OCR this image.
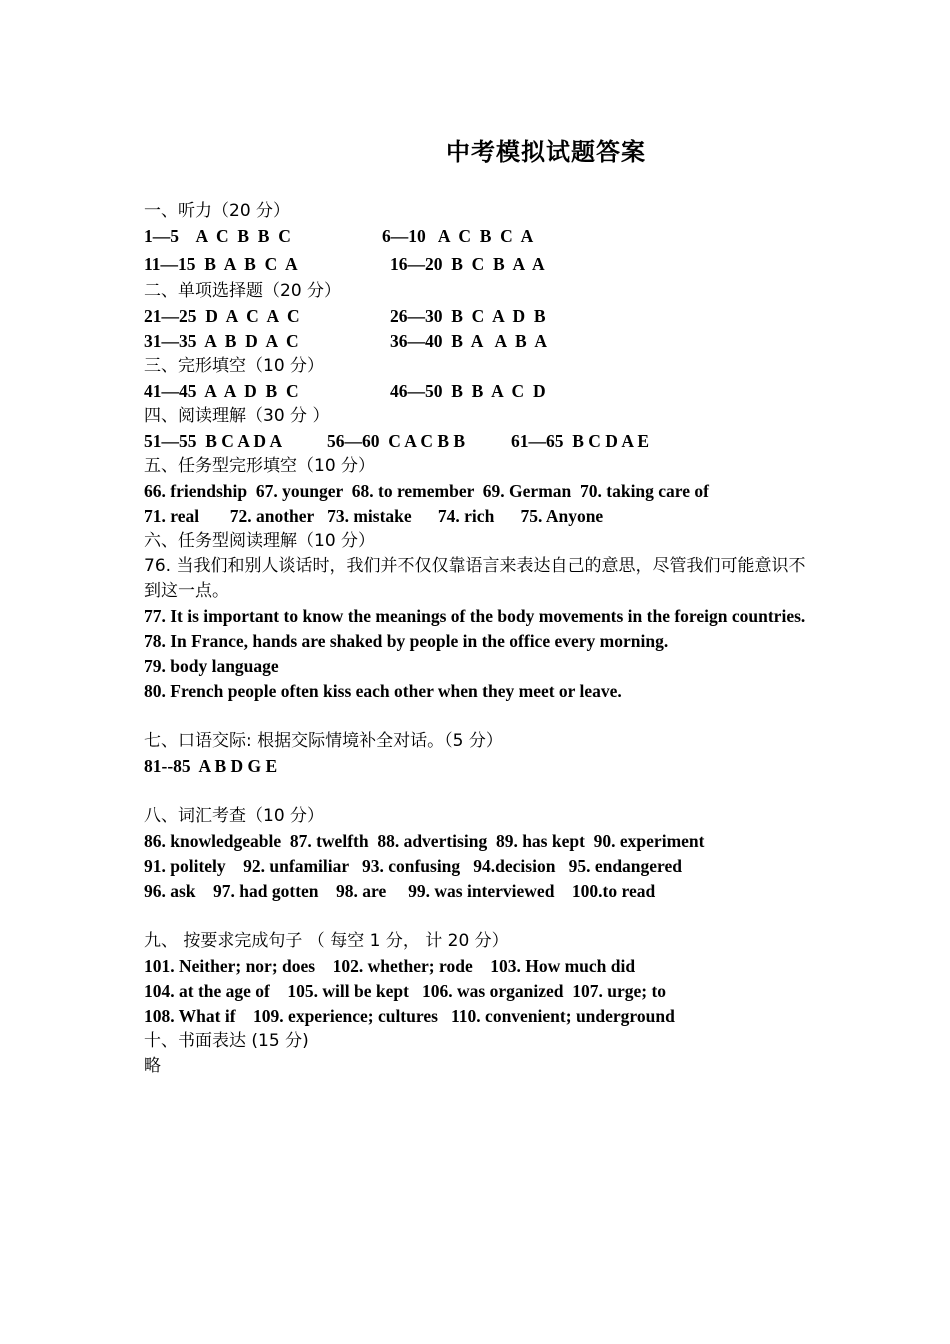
中考模拟试题答案
一、听力（20 分）
1—5    A  C  B  B  C	6—10   A  C  B  C  A
11—15  B  A  B  C  A	16—20  B  C  B  A  A
二、单项选择题（20 分）
21—25  D  A  C  A  C	26—30  B  C  A  D  B
31—35  A  B  D  A  C	36—40  B  A   A  B  A
三、完形填空（10 分）
41—45  A  A  D  B  C	46—50  B  B  A  C  D
四、阅读理解（30 分 ）
51—55  B C A D A	56—60  C A C B B	61—65  B C D A E
五、任务型完形填空（10 分）
66. friendship  67. younger  68. to remember  69. German  70. taking care of
71. real       72. another   73. mistake      74. rich      75. Anyone
六、任务型阅读理解（10 分）
76. 当我们和别人谈话时，我们并不仅仅靠语言来表达自己的意思，尽管我们可能意识不到这一点。
77. It is important to know the meanings of the body movements in the foreign countries.
78. In France, hands are shaked by people in the office every morning.
79. body language
80. French people often kiss each other when they meet or leave.
七、口语交际: 根据交际情境补全对话。（5 分）
81--85  A B D G E
八、词汇考查（10 分）
86. knowledgeable  87. twelfth  88. advertising  89. has kept  90. experiment
91. politely    92. unfamiliar   93. confusing   94.decision   95. endangered
96. ask    97. had gotten    98. are     99. was interviewed    100.to read
九、 按要求完成句子 （ 每空 1 分， 计 20 分）
101. Neither; nor; does    102. whether; rode    103. How much did
104. at the age of    105. will be kept   106. was organized  107. urge; to
108. What if    109. experience; cultures   110. convenient; underground
十、书面表达 (15 分)
略
